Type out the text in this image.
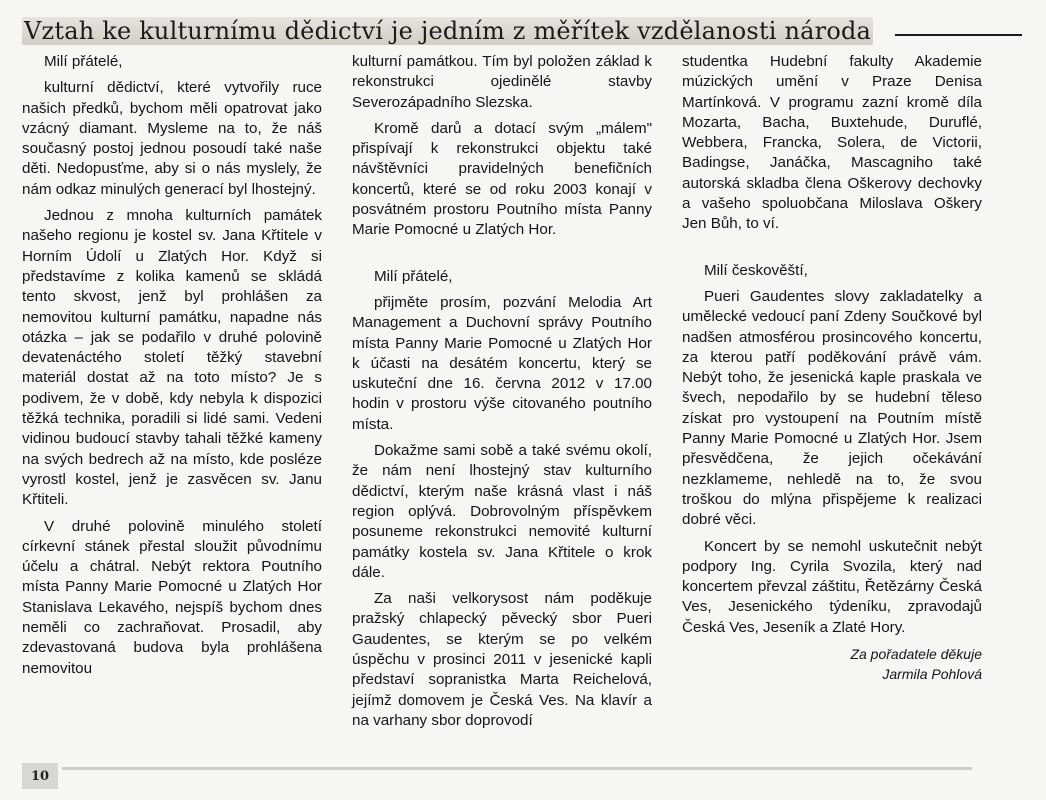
Vztah ke kulturnímu dědictví je jedním z měřítek vzdělanosti národa

Milí přátelé,

kulturní dědictví, které vytvořily ruce našich předků, bychom měli opatrovat jako vzácný diamant. Mysleme na to, že náš současný postoj jednou posoudí také naše děti. Nedopusťme, aby si o nás myslely, že nám odkaz minulých generací byl lhostejný.

Jednou z mnoha kulturních památek našeho regionu je kostel sv. Jana Křtitele v Horním Údolí u Zlatých Hor. Když si představíme z kolika kamenů se skládá tento skvost, jenž byl prohlášen za nemovitou kulturní památku, napadne nás otázka – jak se podařilo v druhé polovině devatenáctého století těžký stavební materiál dostat až na toto místo? Je s podivem, že v době, kdy nebyla k dispozici těžká technika, poradili si lidé sami. Vedeni vidinou budoucí stavby tahali těžké kameny na svých bedrech až na místo, kde posléze vyrostl kostel, jenž je zasvěcen sv. Janu Křtiteli.

V druhé polovině minulého století církevní stánek přestal sloužit původnímu účelu a chátral. Nebýt rektora Poutního místa Panny Marie Pomocné u Zlatých Hor Stanislava Lekavého, nejspíš bychom dnes neměli co zachraňovat. Prosadil, aby zdevastovaná budova byla prohlášena nemovitou

kulturní památkou. Tím byl položen základ k rekonstrukci ojedinělé stavby Severozápadního Slezska.

Kromě darů a dotací svým „málem" přispívají k rekonstrukci objektu také návštěvníci pravidelných benefičních koncertů, které se od roku 2003 konají v posvátném prostoru Poutního místa Panny Marie Pomocné u Zlatých Hor.

Milí přátelé,

přijměte prosím, pozvání Melodia Art Management a Duchovní správy Poutního místa Panny Marie Pomocné u Zlatých Hor k účasti na desátém koncertu, který se uskuteční dne 16. června 2012 v 17.00 hodin v prostoru výše citovaného poutního místa.

Dokažme sami sobě a také svému okolí, že nám není lhostejný stav kulturního dědictví, kterým naše krásná vlast i náš region oplývá. Dobrovolným příspěvkem posuneme rekonstrukci nemovité kulturní památky kostela sv. Jana Křtitele o krok dále.

Za naši velkorysost nám poděkuje pražský chlapecký pěvecký sbor Pueri Gaudentes, se kterým se po velkém úspěchu v prosinci 2011 v jesenické kapli představí sopranistka Marta Reichelová, jejímž domovem je Česká Ves. Na klavír a na varhany sbor doprovodí

studentka Hudební fakulty Akademie múzických umění v Praze Denisa Martínková. V programu zazní kromě díla Mozarta, Bacha, Buxtehude, Duruflé, Webbera, Francka, Solera, de Victorii, Badingse, Janáčka, Mascagniho také autorská skladba člena Oškerovy dechovky a vašeho spoluobčana Miloslava Oškery Jen Bůh, to ví.

Milí českověští,

Pueri Gaudentes slovy zakladatelky a umělecké vedoucí paní Zdeny Součkové byl nadšen atmosférou prosincového koncertu, za kterou patří poděkování právě vám. Nebýt toho, že jesenická kaple praskala ve švech, nepodařilo by se hudební těleso získat pro vystoupení na Poutním místě Panny Marie Pomocné u Zlatých Hor. Jsem přesvědčena, že jejich očekávání nezklameme, nehledě na to, že svou troškou do mlýna přispějeme k realizaci dobré věci.

Koncert by se nemohl uskutečnit nebýt podpory Ing. Cyrila Svozila, který nad koncertem převzal záštitu, Řetězárny Česká Ves, Jesenického týdeníku, zpravodajů Česká Ves, Jeseník a Zlaté Hory.

Za pořadatele děkuje
Jarmila Pohlová
10
